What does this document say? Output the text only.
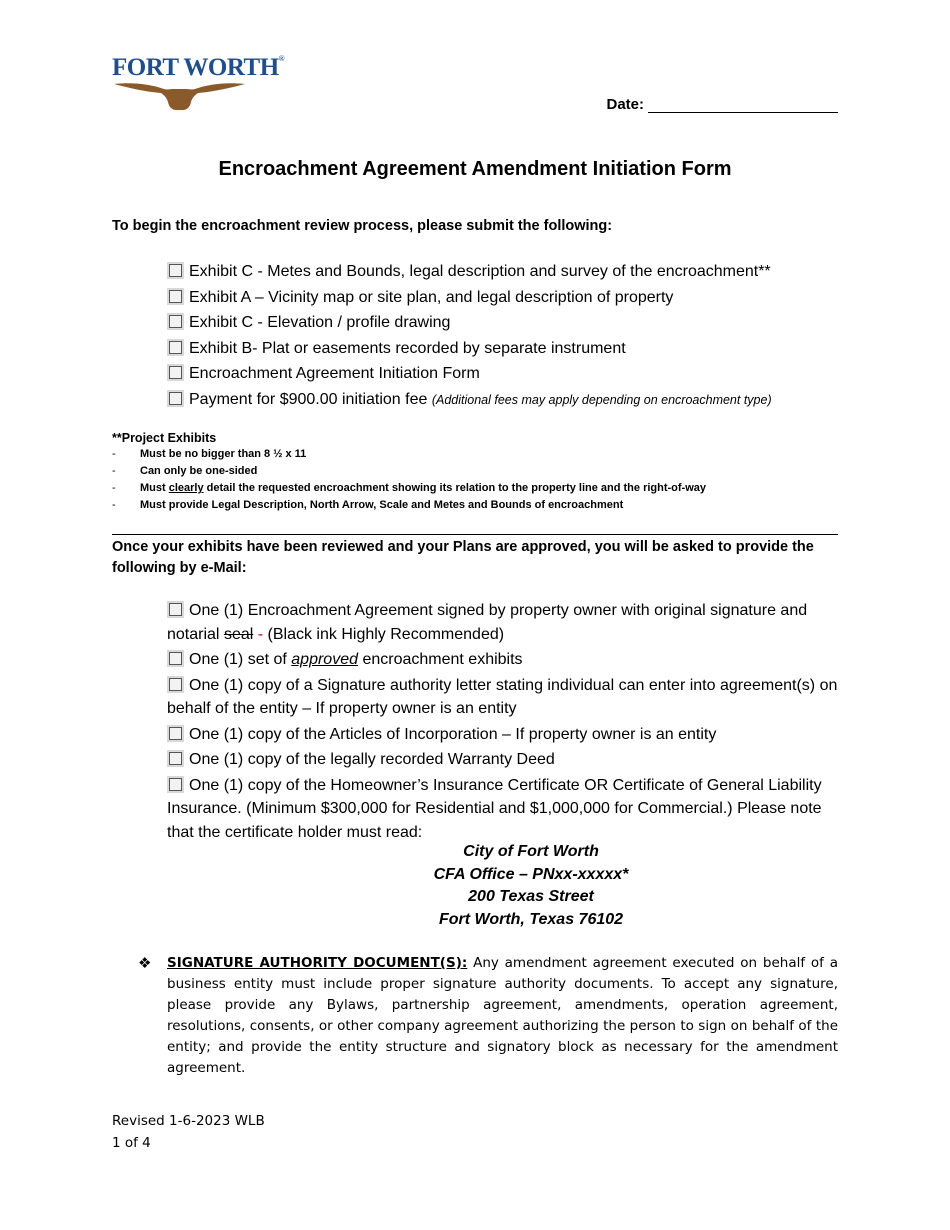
FORT WORTH®
Date:
Encroachment Agreement Amendment Initiation Form
To begin the encroachment review process, please submit the following:
Exhibit C - Metes and Bounds, legal description and survey of the encroachment**
Exhibit A – Vicinity map or site plan, and legal description of property
Exhibit C - Elevation / profile drawing
Exhibit B- Plat or easements recorded by separate instrument
Encroachment Agreement Initiation Form
Payment for $900.00 initiation fee (Additional fees may apply depending on encroachment type)
**Project Exhibits
- Must be no bigger than 8 ½ x 11
- Can only be one-sided
- Must clearly detail the requested encroachment showing its relation to the property line and the right-of-way
- Must provide Legal Description, North Arrow, Scale and Metes and Bounds of encroachment
Once your exhibits have been reviewed and your Plans are approved, you will be asked to provide the following by e-Mail:
One (1) Encroachment Agreement signed by property owner with original signature and notarial seal - (Black ink Highly Recommended)
One (1) set of approved encroachment exhibits
One (1) copy of a Signature authority letter stating individual can enter into agreement(s) on behalf of the entity – If property owner is an entity
One (1) copy of the Articles of Incorporation – If property owner is an entity
One (1) copy of the legally recorded Warranty Deed
One (1) copy of the Homeowner’s Insurance Certificate OR Certificate of General Liability Insurance. (Minimum $300,000 for Residential and $1,000,000 for Commercial.) Please note that the certificate holder must read:
City of Fort Worth
CFA Office – PNxx-xxxxx*
200 Texas Street
Fort Worth, Texas 76102
❖ SIGNATURE AUTHORITY DOCUMENT(S): Any amendment agreement executed on behalf of a business entity must include proper signature authority documents. To accept any signature, please provide any Bylaws, partnership agreement, amendments, operation agreement, resolutions, consents, or other company agreement authorizing the person to sign on behalf of the entity; and provide the entity structure and signatory block as necessary for the amendment agreement.
Revised 1-6-2023 WLB
1 of 4
